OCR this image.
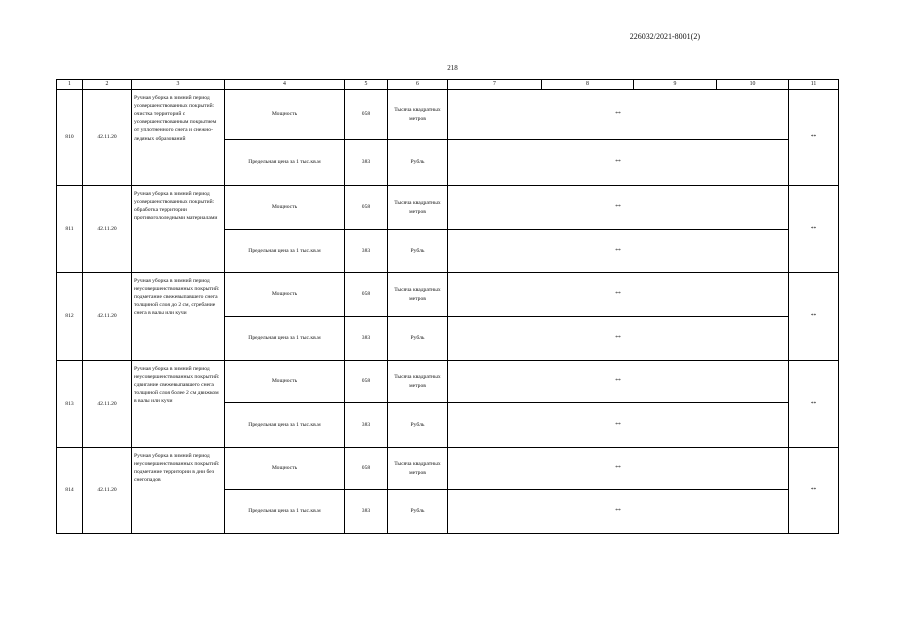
226032/2021-8001(2)
218
1	2	3	4	5	6	7	8	9	10	11
810	42.11.20	Ручная уборка в зимний период усовершенствованных покрытий: очистка территорий с усовершенствованным покрытием от уплотненного снега и снежно-ледяных образований	Мощность	058	Тысяча квадратных метров	**				**
			Предельная цена за 1 тыс.кв.м	383	Рубль	**				
811	42.11.20	Ручная уборка в зимний период усовершенствованных покрытий: обработка территории противогололедными материалами	Мощность	058	Тысяча квадратных метров	**				**
			Предельная цена за 1 тыс.кв.м	383	Рубль	**				
812	42.11.20	Ручная уборка в зимний период неусовершенствованных покрытий: подметание свежевыпавшего снега толщиной слоя до 2 см, сгребание снега в валы или кучи	Мощность	058	Тысяча квадратных метров	**				**
			Предельная цена за 1 тыс.кв.м	383	Рубль	**				
813	42.11.20	Ручная уборка в зимний период неусовершенствованных покрытий: сдвигание свежевыпавшего снега толщиной слоя более 2 см движком в валы или кучи	Мощность	058	Тысяча квадратных метров	**				**
			Предельная цена за 1 тыс.кв.м	383	Рубль	**				
814	42.11.20	Ручная уборка в зимний период неусовершенствованных покрытий: подметание территории в дни без снегопадов	Мощность	058	Тысяча квадратных метров	**				**
			Предельная цена за 1 тыс.кв.м	383	Рубль	**				
